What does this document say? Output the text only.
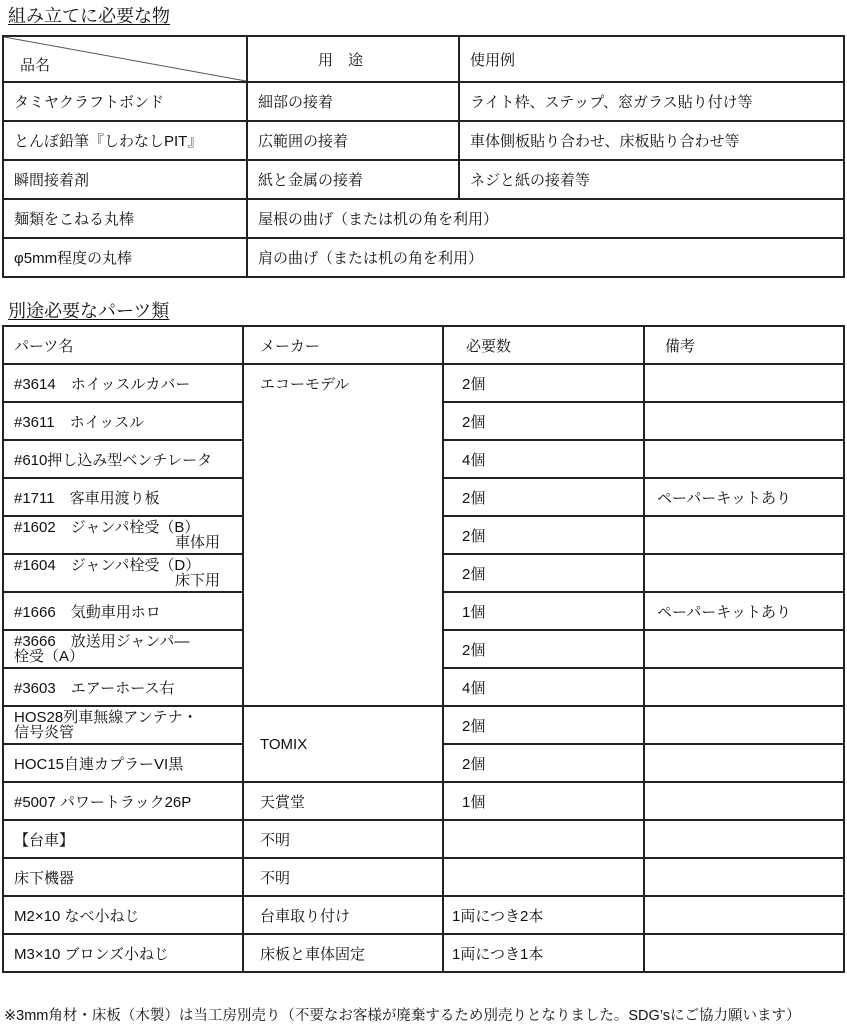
組み立てに必要な物
品名	用　途	使用例
タミヤクラフトボンド	細部の接着	ライト枠、ステップ、窓ガラス貼り付け等
とんぼ鉛筆『しわなしPIT』	広範囲の接着	車体側板貼り合わせ、床板貼り合わせ等
瞬間接着剤	紙と金属の接着	ネジと紙の接着等
麺類をこねる丸棒	屋根の曲げ（または机の角を利用）	
φ5mm程度の丸棒	肩の曲げ（または机の角を利用）	
別途必要なパーツ類
パーツ名	メーカー	必要数	備考
#3614　ホイッスルカバー	エコーモデル	2個	
#3611　ホイッスル		2個	
#610押し込み型ベンチレータ		4個	
#1711　客車用渡り板		2個	ペーパーキットあり
#1602　ジャンパ栓受（B）
車体用		2個	
#1604　ジャンパ栓受（D）
床下用		2個	
#1666　気動車用ホロ		1個	ペーパーキットあり
#3666　放送用ジャンパ―
栓受（A）		2個	
#3603　エアーホース右		4個	
HOS28列車無線アンテナ・
信号炎管	TOMIX	2個	
HOC15自連カプラーVI黒		2個	
#5007 パワートラック26P	天賞堂	1個	
【台車】	不明		
床下機器	不明		
M2×10 なべ小ねじ	台車取り付け	1両につき2本	
M3×10 ブロンズ小ねじ	床板と車体固定	1両につき1本	
※3mm角材・床板（木製）は当工房別売り（不要なお客様が廃棄するため別売りとなりました。SDG’sにご協力願います）
